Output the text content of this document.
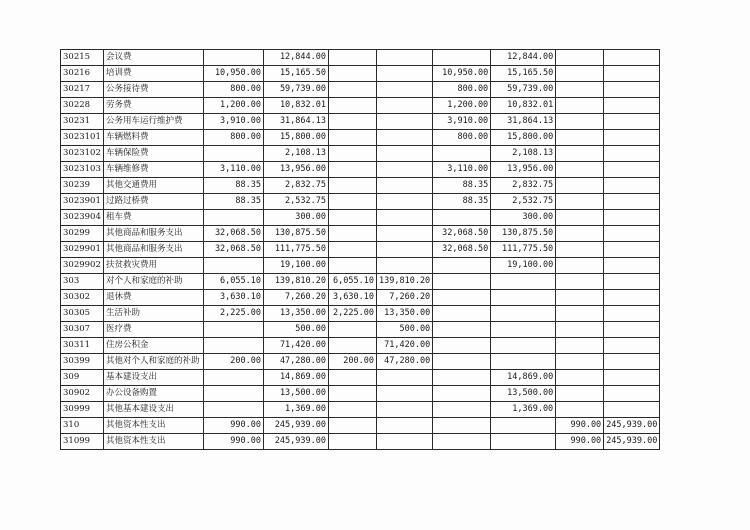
30215	会议费		12,844.00				12,844.00		
30216	培训费	10,950.00	15,165.50			10,950.00	15,165.50		
30217	公务接待费	800.00	59,739.00			800.00	59,739.00		
30228	劳务费	1,200.00	10,832.01			1,200.00	10,832.01		
30231	公务用车运行维护费	3,910.00	31,864.13			3,910.00	31,864.13		
3023101	车辆燃料费	800.00	15,800.00			800.00	15,800.00		
3023102	车辆保险费		2,108.13				2,108.13		
3023103	车辆维修费	3,110.00	13,956.00			3,110.00	13,956.00		
30239	其他交通费用	88.35	2,832.75			88.35	2,832.75		
3023901	过路过桥费	88.35	2,532.75			88.35	2,532.75		
3023904	租车费		300.00				300.00		
30299	其他商品和服务支出	32,068.50	130,875.50			32,068.50	130,875.50		
3029901	其他商品和服务支出	32,068.50	111,775.50			32,068.50	111,775.50		
3029902	扶贫救灾费用		19,100.00				19,100.00		
303	对个人和家庭的补助	6,055.10	139,810.20	6,055.10	139,810.20				
30302	退休费	3,630.10	7,260.20	3,630.10	7,260.20				
30305	生活补助	2,225.00	13,350.00	2,225.00	13,350.00				
30307	医疗费		500.00		500.00				
30311	住房公积金		71,420.00		71,420.00				
30399	其他对个人和家庭的补助	200.00	47,280.00	200.00	47,280.00				
309	基本建设支出		14,869.00				14,869.00		
30902	办公设备购置		13,500.00				13,500.00		
30999	其他基本建设支出		1,369.00				1,369.00		
310	其他资本性支出	990.00	245,939.00					990.00	245,939.00
31099	其他资本性支出	990.00	245,939.00					990.00	245,939.00
